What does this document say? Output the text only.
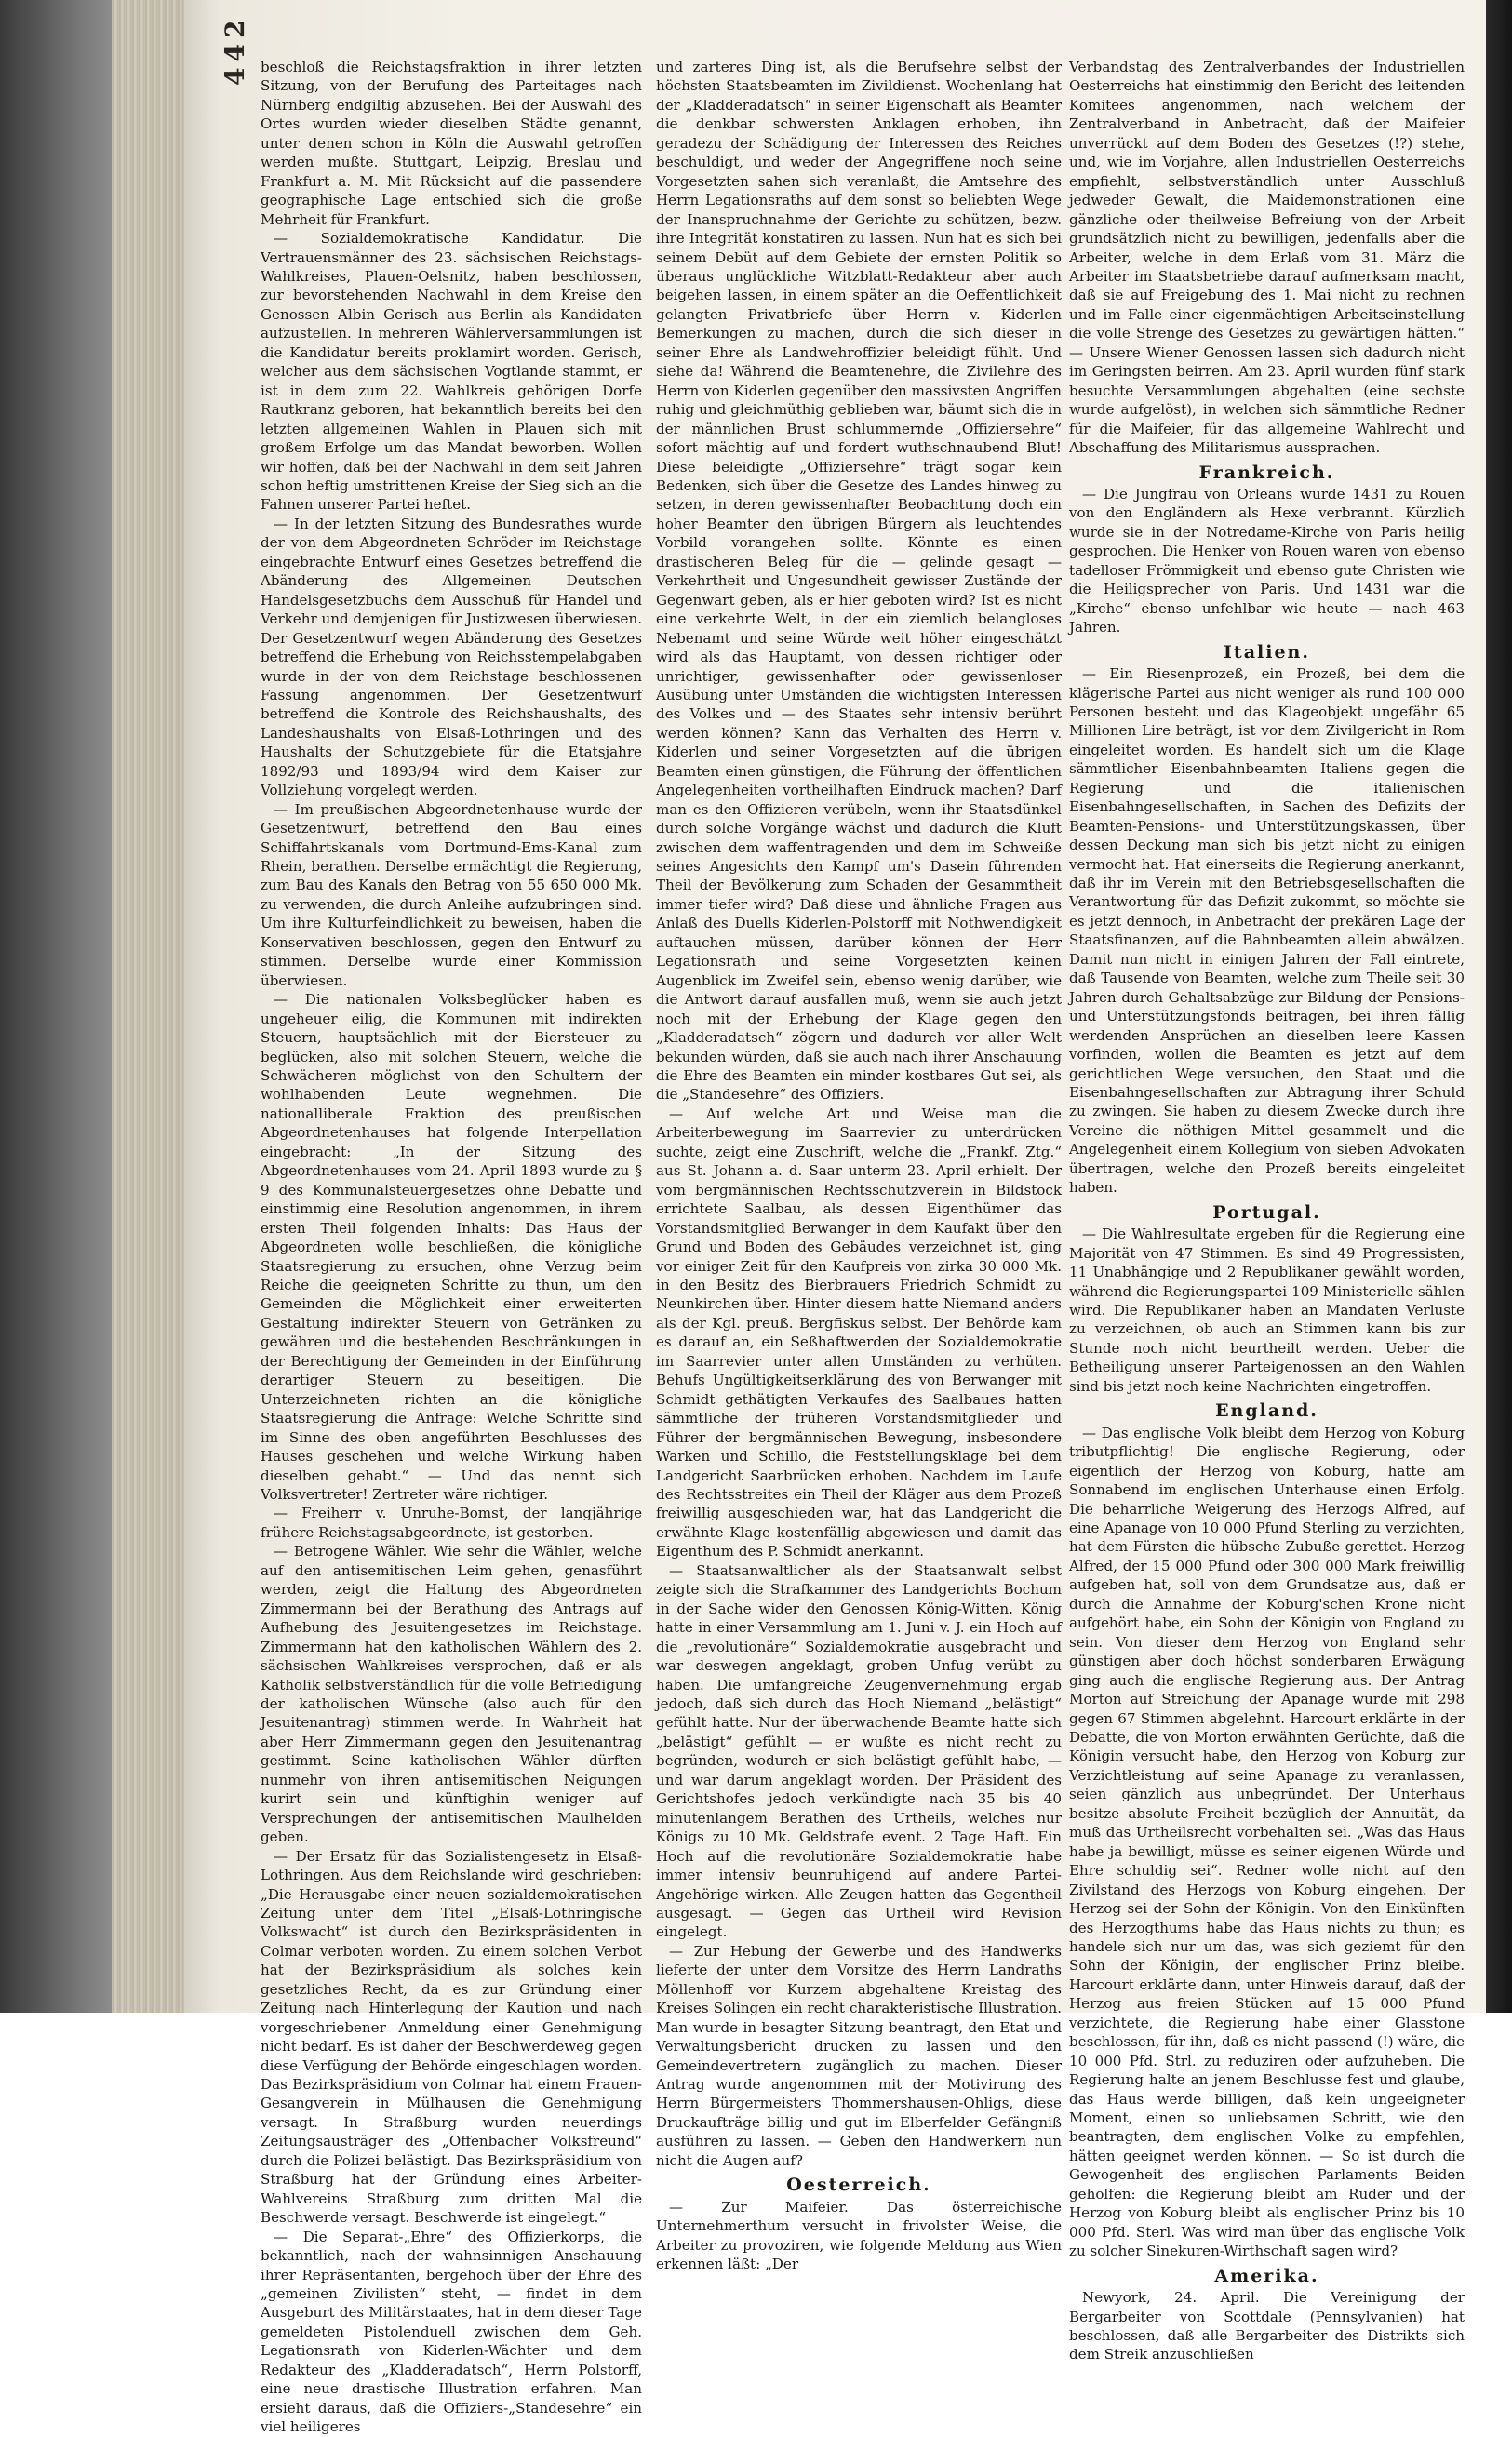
442 beschloß die Reichstagsfraktion in ihrer letzten Sitzung, von der Berufung des Parteitages nach Nürnberg endgiltig abzusehen. Bei der Auswahl des Ortes wurden wieder dieselben Städte genannt, unter denen schon in Köln die Auswahl getroffen werden mußte. Stuttgart, Leipzig, Breslau und Frankfurt a. M. Mit Rücksicht auf die passendere geographische Lage entschied sich die große Mehrheit für Frankfurt.

— Sozialdemokratische Kandidatur. Die Vertrauensmänner des 23. sächsischen Reichstags-Wahlkreises, Plauen-Oelsnitz, haben beschlossen, zur bevorstehenden Nachwahl in dem Kreise den Genossen Albin Gerisch aus Berlin als Kandidaten aufzustellen. In mehreren Wählerversammlungen ist die Kandidatur bereits proklamirt worden. Gerisch, welcher aus dem sächsischen Vogtlande stammt, er ist in dem zum 22. Wahlkreis gehörigen Dorfe Rautkranz geboren, hat bekanntlich bereits bei den letzten allgemeinen Wahlen in Plauen sich mit großem Erfolge um das Mandat beworben. Wollen wir hoffen, daß bei der Nachwahl in dem seit Jahren schon heftig umstrittenen Kreise der Sieg sich an die Fahnen unserer Partei heftet.

— In der letzten Sitzung des Bundesrathes wurde der von dem Abgeordneten Schröder im Reichstage eingebrachte Entwurf eines Gesetzes betreffend die Abänderung des Allgemeinen Deutschen Handelsgesetzbuchs dem Ausschuß für Handel und Verkehr und demjenigen für Justizwesen überwiesen. Der Gesetzentwurf wegen Abänderung des Gesetzes betreffend die Erhebung von Reichsstempelabgaben wurde in der von dem Reichstage beschlossenen Fassung angenommen. Der Gesetzentwurf betreffend die Kontrole des Reichshaushalts, des Landeshaushalts von Elsaß-Lothringen und des Haushalts der Schutzgebiete für die Etatsjahre 1892/93 und 1893/94 wird dem Kaiser zur Vollziehung vorgelegt werden.

— Im preußischen Abgeordnetenhause wurde der Gesetzentwurf, betreffend den Bau eines Schiffahrtskanals vom Dortmund-Ems-Kanal zum Rhein, berathen. Derselbe ermächtigt die Regierung, zum Bau des Kanals den Betrag von 55 650 000 Mk. zu verwenden, die durch Anleihe aufzubringen sind. Um ihre Kulturfeindlichkeit zu beweisen, haben die Konservativen beschlossen, gegen den Entwurf zu stimmen. Derselbe wurde einer Kommission überwiesen.

— Die nationalen Volksbeglücker haben es ungeheuer eilig, die Kommunen mit indirekten Steuern, hauptsächlich mit der Biersteuer zu beglücken, also mit solchen Steuern, welche die Schwächeren möglichst von den Schultern der wohlhabenden Leute wegnehmen. Die nationalliberale Fraktion des preußischen Abgeordnetenhauses hat folgende Interpellation eingebracht: „In der Sitzung des Abgeordnetenhauses vom 24. April 1893 wurde zu § 9 des Kommunalsteuergesetzes ohne Debatte und einstimmig eine Resolution angenommen, in ihrem ersten Theil folgenden Inhalts: Das Haus der Abgeordneten wolle beschließen, die königliche Staatsregierung zu ersuchen, ohne Verzug beim Reiche die geeigneten Schritte zu thun, um den Gemeinden die Möglichkeit einer erweiterten Gestaltung indirekter Steuern von Getränken zu gewähren und die bestehenden Beschränkungen in der Berechtigung der Gemeinden in der Einführung derartiger Steuern zu beseitigen. Die Unterzeichneten richten an die königliche Staatsregierung die Anfrage: Welche Schritte sind im Sinne des oben angeführten Beschlusses des Hauses geschehen und welche Wirkung haben dieselben gehabt.“ — Und das nennt sich Volksvertreter! Zertreter wäre richtiger.

— Freiherr v. Unruhe-Bomst, der langjährige frühere Reichstagsabgeordnete, ist gestorben.

— Betrogene Wähler. Wie sehr die Wähler, welche auf den antisemitischen Leim gehen, genasführt werden, zeigt die Haltung des Abgeordneten Zimmermann bei der Berathung des Antrags auf Aufhebung des Jesuitengesetzes im Reichstage. Zimmermann hat den katholischen Wählern des 2. sächsischen Wahlkreises versprochen, daß er als Katholik selbstverständlich für die volle Befriedigung der katholischen Wünsche (also auch für den Jesuitenantrag) stimmen werde. In Wahrheit hat aber Herr Zimmermann gegen den Jesuitenantrag gestimmt. Seine katholischen Wähler dürften nunmehr von ihren antisemitischen Neigungen kurirt sein und künftighin weniger auf Versprechungen der antisemitischen Maulhelden geben.

— Der Ersatz für das Sozialistengesetz in Elsaß-Lothringen. Aus dem Reichslande wird geschrieben: „Die Herausgabe einer neuen sozialdemokratischen Zeitung unter dem Titel „Elsaß-Lothringische Volkswacht“ ist durch den Bezirkspräsidenten in Colmar verboten worden. Zu einem solchen Verbot hat der Bezirkspräsidium als solches kein gesetzliches Recht, da es zur Gründung einer Zeitung nach Hinterlegung der Kaution und nach vorgeschriebener Anmeldung einer Genehmigung nicht bedarf. Es ist daher der Beschwerdeweg gegen diese Verfügung der Behörde eingeschlagen worden. Das Bezirkspräsidium von Colmar hat einem Frauen-Gesangverein in Mülhausen die Genehmigung versagt. In Straßburg wurden neuerdings Zeitungsausträger des „Offenbacher Volksfreund“ durch die Polizei belästigt. Das Bezirkspräsidium von Straßburg hat der Gründung eines Arbeiter-Wahlvereins Straßburg zum dritten Mal die Beschwerde versagt. Beschwerde ist eingelegt.“

— Die Separat-„Ehre“ des Offizierkorps, die bekanntlich, nach der wahnsinnigen Anschauung ihrer Repräsentanten, bergehoch über der Ehre des „gemeinen Zivilisten“ steht, — findet in dem Ausgeburt des Militärstaates, hat in dem dieser Tage gemeldeten Pistolenduell zwischen dem Geh. Legationsrath von Kiderlen-Wächter und dem Redakteur des „Kladderadatsch“, Herrn Polstorff, eine neue drastische Illustration erfahren. Man ersieht daraus, daß die Offiziers-„Standesehre“ ein viel heiligeres

und zarteres Ding ist, als die Berufsehre selbst der höchsten Staatsbeamten im Zivildienst. Wochenlang hat der „Kladderadatsch“ in seiner Eigenschaft als Beamter die denkbar schwersten Anklagen erhoben, ihn geradezu der Schädigung der Interessen des Reiches beschuldigt, und weder der Angegriffene noch seine Vorgesetzten sahen sich veranlaßt, die Amtsehre des Herrn Legationsraths auf dem sonst so beliebten Wege der Inanspruchnahme der Gerichte zu schützen, bezw. ihre Integrität konstatiren zu lassen. Nun hat es sich bei seinem Debüt auf dem Gebiete der ernsten Politik so überaus unglückliche Witzblatt-Redakteur aber auch beigehen lassen, in einem später an die Oeffentlichkeit gelangten Privatbriefe über Herrn v. Kiderlen Bemerkungen zu machen, durch die sich dieser in seiner Ehre als Landwehroffizier beleidigt fühlt. Und siehe da! Während die Beamtenehre, die Zivilehre des Herrn von Kiderlen gegenüber den massivsten Angriffen ruhig und gleichmüthig geblieben war, bäumt sich die in der männlichen Brust schlummernde „Offiziersehre“ sofort mächtig auf und fordert wuthschnaubend Blut! Diese beleidigte „Offiziersehre“ trägt sogar kein Bedenken, sich über die Gesetze des Landes hinweg zu setzen, in deren gewissenhafter Beobachtung doch ein hoher Beamter den übrigen Bürgern als leuchtendes Vorbild vorangehen sollte. Könnte es einen drastischeren Beleg für die — gelinde gesagt — Verkehrtheit und Ungesundheit gewisser Zustände der Gegenwart geben, als er hier geboten wird? Ist es nicht eine verkehrte Welt, in der ein ziemlich belangloses Nebenamt und seine Würde weit höher eingeschätzt wird als das Hauptamt, von dessen richtiger oder unrichtiger, gewissenhafter oder gewissenloser Ausübung unter Umständen die wichtigsten Interessen des Volkes und — des Staates sehr intensiv berührt werden können? Kann das Verhalten des Herrn v. Kiderlen und seiner Vorgesetzten auf die übrigen Beamten einen günstigen, die Führung der öffentlichen Angelegenheiten vortheilhaften Eindruck machen? Darf man es den Offizieren verübeln, wenn ihr Staatsdünkel durch solche Vorgänge wächst und dadurch die Kluft zwischen dem waffentragenden und dem im Schweiße seines Angesichts den Kampf um's Dasein führenden Theil der Bevölkerung zum Schaden der Gesammtheit immer tiefer wird? Daß diese und ähnliche Fragen aus Anlaß des Duells Kiderlen-Polstorff mit Nothwendigkeit auftauchen müssen, darüber können der Herr Legationsrath und seine Vorgesetzten keinen Augenblick im Zweifel sein, ebenso wenig darüber, wie die Antwort darauf ausfallen muß, wenn sie auch jetzt noch mit der Erhebung der Klage gegen den „Kladderadatsch“ zögern und dadurch vor aller Welt bekunden würden, daß sie auch nach ihrer Anschauung die Ehre des Beamten ein minder kostbares Gut sei, als die „Standesehre“ des Offiziers.

— Auf welche Art und Weise man die Arbeiterbewegung im Saarrevier zu unterdrücken suchte, zeigt eine Zuschrift, welche die „Frankf. Ztg.“ aus St. Johann a. d. Saar unterm 23. April erhielt. Der vom bergmännischen Rechtsschutzverein in Bildstock errichtete Saalbau, als dessen Eigenthümer das Vorstandsmitglied Berwanger in dem Kaufakt über den Grund und Boden des Gebäudes verzeichnet ist, ging vor einiger Zeit für den Kaufpreis von zirka 30 000 Mk. in den Besitz des Bierbrauers Friedrich Schmidt zu Neunkirchen über. Hinter diesem hatte Niemand anders als der Kgl. preuß. Bergfiskus selbst. Der Behörde kam es darauf an, ein Seßhaftwerden der Sozialdemokratie im Saarrevier unter allen Umständen zu verhüten. Behufs Ungültigkeitserklärung des von Berwanger mit Schmidt gethätigten Verkaufes des Saalbaues hatten sämmtliche der früheren Vorstandsmitglieder und Führer der bergmännischen Bewegung, insbesondere Warken und Schillo, die Feststellungsklage bei dem Landgericht Saarbrücken erhoben. Nachdem im Laufe des Rechtsstreites ein Theil der Kläger aus dem Prozeß freiwillig ausgeschieden war, hat das Landgericht die erwähnte Klage kostenfällig abgewiesen und damit das Eigenthum des P. Schmidt anerkannt.

— Staatsanwaltlicher als der Staatsanwalt selbst zeigte sich die Strafkammer des Landgerichts Bochum in der Sache wider den Genossen König-Witten. König hatte in einer Versammlung am 1. Juni v. J. ein Hoch auf die „revolutionäre“ Sozialdemokratie ausgebracht und war deswegen angeklagt, groben Unfug verübt zu haben. Die umfangreiche Zeugenvernehmung ergab jedoch, daß sich durch das Hoch Niemand „belästigt“ gefühlt hatte. Nur der überwachende Beamte hatte sich „belästigt“ gefühlt — er wußte es nicht recht zu begründen, wodurch er sich belästigt gefühlt habe, — und war darum angeklagt worden. Der Präsident des Gerichtshofes jedoch verkündigte nach 35 bis 40 minutenlangem Berathen des Urtheils, welches nur Königs zu 10 Mk. Geldstrafe event. 2 Tage Haft. Ein Hoch auf die revolutionäre Sozialdemokratie habe immer intensiv beunruhigend auf andere Partei-Angehörige wirken. Alle Zeugen hatten das Gegentheil ausgesagt. — Gegen das Urtheil wird Revision eingelegt.

— Zur Hebung der Gewerbe und des Handwerks lieferte der unter dem Vorsitze des Herrn Landraths Möllenhoff vor Kurzem abgehaltene Kreistag des Kreises Solingen ein recht charakteristische Illustration. Man wurde in besagter Sitzung beantragt, den Etat und Verwaltungsbericht drucken zu lassen und den Gemeindevertretern zugänglich zu machen. Dieser Antrag wurde angenommen mit der Motivirung des Herrn Bürgermeisters Thommershausen-Ohligs, diese Druckaufträge billig und gut im Elberfelder Gefängniß ausführen zu lassen. — Geben den Handwerkern nun nicht die Augen auf?

Oesterreich.

— Zur Maifeier. Das österreichische Unternehmerthum versucht in frivolster Weise, die Arbeiter zu provoziren, wie folgende Meldung aus Wien erkennen läßt: „Der

Verbandstag des Zentralverbandes der Industriellen Oesterreichs hat einstimmig den Bericht des leitenden Komitees angenommen, nach welchem der Zentralverband in Anbetracht, daß der Maifeier unverrückt auf dem Boden des Gesetzes (!?) stehe, und, wie im Vorjahre, allen Industriellen Oesterreichs empfiehlt, selbstverständlich unter Ausschluß jedweder Gewalt, die Maidemonstrationen eine gänzliche oder theilweise Befreiung von der Arbeit grundsätzlich nicht zu bewilligen, jedenfalls aber die Arbeiter, welche in dem Erlaß vom 31. März die Arbeiter im Staatsbetriebe darauf aufmerksam macht, daß sie auf Freigebung des 1. Mai nicht zu rechnen und im Falle einer eigenmächtigen Arbeitseinstellung die volle Strenge des Gesetzes zu gewärtigen hätten.“ — Unsere Wiener Genossen lassen sich dadurch nicht im Geringsten beirren. Am 23. April wurden fünf stark besuchte Versammlungen abgehalten (eine sechste wurde aufgelöst), in welchen sich sämmtliche Redner für die Maifeier, für das allgemeine Wahlrecht und Abschaffung des Militarismus aussprachen.

Frankreich.

— Die Jungfrau von Orleans wurde 1431 zu Rouen von den Engländern als Hexe verbrannt. Kürzlich wurde sie in der Notredame-Kirche von Paris heilig gesprochen. Die Henker von Rouen waren von ebenso tadelloser Frömmigkeit und ebenso gute Christen wie die Heiligsprecher von Paris. Und 1431 war die „Kirche“ ebenso unfehlbar wie heute — nach 463 Jahren.

Italien.

— Ein Riesenprozeß, ein Prozeß, bei dem die klägerische Partei aus nicht weniger als rund 100 000 Personen besteht und das Klageobjekt ungefähr 65 Millionen Lire beträgt, ist vor dem Zivilgericht in Rom eingeleitet worden. Es handelt sich um die Klage sämmtlicher Eisenbahnbeamten Italiens gegen die Regierung und die italienischen Eisenbahngesellschaften, in Sachen des Defizits der Beamten-Pensions- und Unterstützungskassen, über dessen Deckung man sich bis jetzt nicht zu einigen vermocht hat. Hat einerseits die Regierung anerkannt, daß ihr im Verein mit den Betriebsgesellschaften die Verantwortung für das Defizit zukommt, so möchte sie es jetzt dennoch, in Anbetracht der prekären Lage der Staatsfinanzen, auf die Bahnbeamten allein abwälzen. Damit nun nicht in einigen Jahren der Fall eintrete, daß Tausende von Beamten, welche zum Theile seit 30 Jahren durch Gehaltsabzüge zur Bildung der Pensions- und Unterstützungsfonds beitragen, bei ihren fällig werdenden Ansprüchen an dieselben leere Kassen vorfinden, wollen die Beamten es jetzt auf dem gerichtlichen Wege versuchen, den Staat und die Eisenbahngesellschaften zur Abtragung ihrer Schuld zu zwingen. Sie haben zu diesem Zwecke durch ihre Vereine die nöthigen Mittel gesammelt und die Angelegenheit einem Kollegium von sieben Advokaten übertragen, welche den Prozeß bereits eingeleitet haben.

Portugal.

— Die Wahlresultate ergeben für die Regierung eine Majorität von 47 Stimmen. Es sind 49 Progressisten, 11 Unabhängige und 2 Republikaner gewählt worden, während die Regierungspartei 109 Ministerielle sählen wird. Die Republikaner haben an Mandaten Verluste zu verzeichnen, ob auch an Stimmen kann bis zur Stunde noch nicht beurtheilt werden. Ueber die Betheiligung unserer Parteigenossen an den Wahlen sind bis jetzt noch keine Nachrichten eingetroffen.

England.

— Das englische Volk bleibt dem Herzog von Koburg tributpflichtig! Die englische Regierung, oder eigentlich der Herzog von Koburg, hatte am Sonnabend im englischen Unterhause einen Erfolg. Die beharrliche Weigerung des Herzogs Alfred, auf eine Apanage von 10 000 Pfund Sterling zu verzichten, hat dem Fürsten die hübsche Zubuße gerettet. Herzog Alfred, der 15 000 Pfund oder 300 000 Mark freiwillig aufgeben hat, soll von dem Grundsatze aus, daß er durch die Annahme der Koburg'schen Krone nicht aufgehört habe, ein Sohn der Königin von England zu sein. Von dieser dem Herzog von England sehr günstigen aber doch höchst sonderbaren Erwägung ging auch die englische Regierung aus. Der Antrag Morton auf Streichung der Apanage wurde mit 298 gegen 67 Stimmen abgelehnt. Harcourt erklärte in der Debatte, die von Morton erwähnten Gerüchte, daß die Königin versucht habe, den Herzog von Koburg zur Verzichtleistung auf seine Apanage zu veranlassen, seien gänzlich aus unbegründet. Der Unterhaus besitze absolute Freiheit bezüglich der Annuität, da muß das Urtheilsrecht vorbehalten sei. „Was das Haus habe ja bewilligt, müsse es seiner eigenen Würde und Ehre schuldig sei“. Redner wolle nicht auf den Zivilstand des Herzogs von Koburg eingehen. Der Herzog sei der Sohn der Königin. Von den Einkünften des Herzogthums habe das Haus nichts zu thun; es handele sich nur um das, was sich geziemt für den Sohn der Königin, der englischer Prinz bleibe. Harcourt erklärte dann, unter Hinweis darauf, daß der Herzog aus freien Stücken auf 15 000 Pfund verzichtete, die Regierung habe einer Glasstone beschlossen, für ihn, daß es nicht passend (!) wäre, die 10 000 Pfd. Strl. zu reduziren oder aufzuheben. Die Regierung halte an jenem Beschlusse fest und glaube, das Haus werde billigen, daß kein ungeeigneter Moment, einen so unliebsamen Schritt, wie den beantragten, dem englischen Volke zu empfehlen, hätten geeignet werden können. — So ist durch die Gewogenheit des englischen Parlaments Beiden geholfen: die Regierung bleibt am Ruder und der Herzog von Koburg bleibt als englischer Prinz bis 10 000 Pfd. Sterl. Was wird man über das englische Volk zu solcher Sinekuren-Wirthschaft sagen wird?

Amerika.

Newyork, 24. April. Die Vereinigung der Bergarbeiter von Scottdale (Pennsylvanien) hat beschlossen, daß alle Bergarbeiter des Distrikts sich dem Streik anzuschließen
